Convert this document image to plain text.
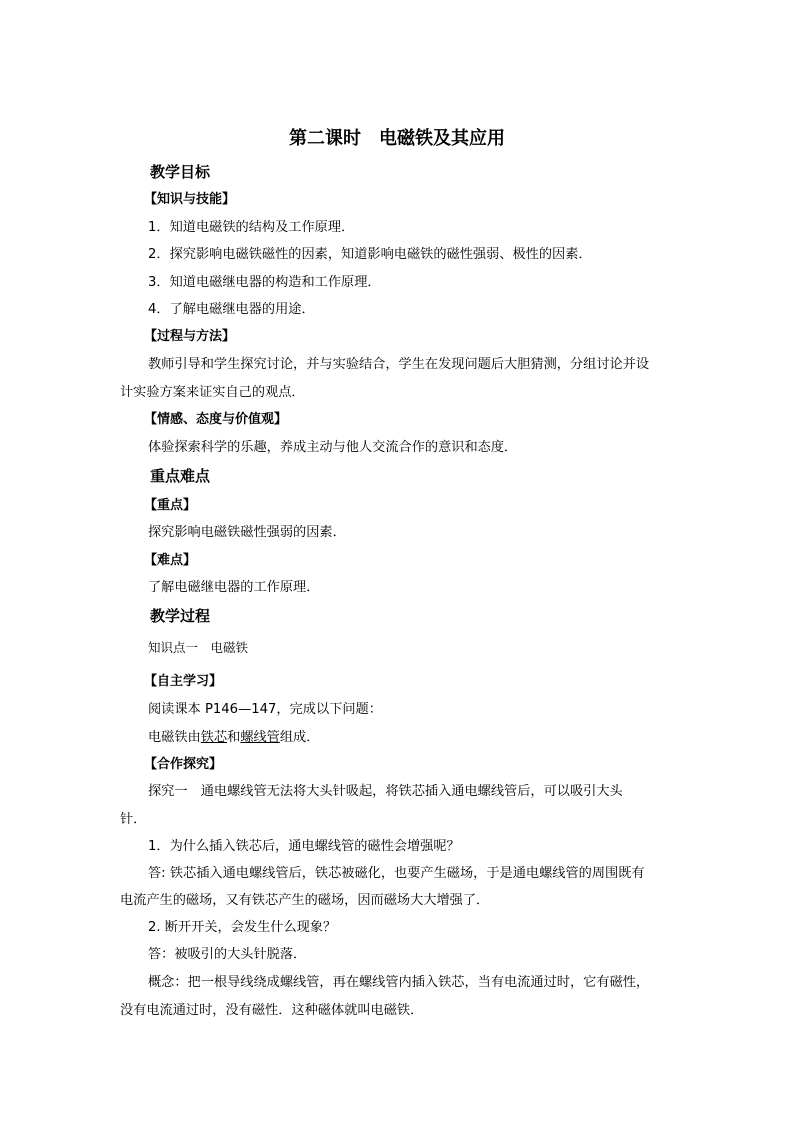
第二课时　电磁铁及其应用
教学目标
【知识与技能】
1．知道电磁铁的结构及工作原理．
2．探究影响电磁铁磁性的因素，知道影响电磁铁的磁性强弱、极性的因素．
3．知道电磁继电器的构造和工作原理．
4．了解电磁继电器的用途．
【过程与方法】
教师引导和学生探究讨论，并与实验结合，学生在发现问题后大胆猜测，分组讨论并设
计实验方案来证实自己的观点．
【情感、态度与价值观】
体验探索科学的乐趣，养成主动与他人交流合作的意识和态度．
重点难点
【重点】
探究影响电磁铁磁性强弱的因素．
【难点】
了解电磁继电器的工作原理．
教学过程
知识点一　电磁铁
【自主学习】
阅读课本 P146—147，完成以下问题：
电磁铁由铁芯和螺线管组成．
【合作探究】
探究一　通电螺线管无法将大头针吸起，将铁芯插入通电螺线管后，可以吸引大头
针．
1．为什么插入铁芯后，通电螺线管的磁性会增强呢？
答: 铁芯插入通电螺线管后，铁芯被磁化，也要产生磁场，于是通电螺线管的周围既有
电流产生的磁场，又有铁芯产生的磁场，因而磁场大大增强了．
2. 断开开关，会发生什么现象？
答：被吸引的大头针脱落．
概念：把一根导线绕成螺线管，再在螺线管内插入铁芯，当有电流通过时，它有磁性，
没有电流通过时，没有磁性．这种磁体就叫电磁铁．
